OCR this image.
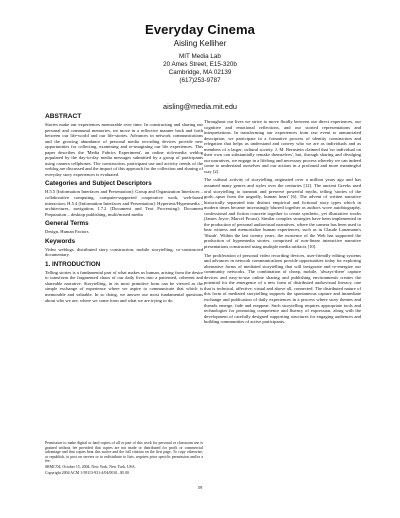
Everyday Cinema
Aisling Kelliher
MIT Media Lab
20 Ames Street, E15-320b
Cambridge, MA 02139
(617)253-9787
aisling@media.mit.edu
ABSTRACT

Stories make our experiences memorable over time. In constructing and sharing our personal and communal memories, we move in a reflective manner back and forth between our life-world and our life-stories. Advances in network communications and the growing abundance of personal media recording devices provide new opportunities for collecting, examining and re-imagining our life experiences. This paper describes the 'Media Fabrics Experiment', an online rich-media weblog populated by the day-to-day media messages submitted by a group of participants using camera cellphones. The construction, participant use and activity trends of the weblog are discussed and the impact of this approach for the collection and sharing of everyday story experiences is evaluated.

Categories and Subject Descriptors

H.5.5 [Information Interfaces and Presentation]: Group and Organization Interfaces – collaborative computing, computer-supported cooperative work, web-based interaction; H.5.4 [Information Interfaces and Presentation]: Hypertext/Hypermedia – architectures, navigation; I.7.2 [Document and Text Processing]: Document Preparation – desktop publishing, multi/mixed media

General Terms

Design, Human Factors

Keywords

Video weblogs, distributed story construction, mobile storytelling, co-constructed documentary.

1. INTRODUCTION

Telling stories is a fundamental part of what makes us human, arising from the desire to transform the fragmented chaos of our daily lives into a patterned, coherent and shareable narrative. Storytelling, in its most primitive form can be viewed as the simple exchange of experience where we aspire to communicate that which is memorable and valuable. In so doing, we answer our most fundamental questions about who we are, where we come from and what we are trying to do.

Permission to make digital or hard copies of all or part of this work for personal or classroom use is granted without fee provided that copies are not made or distributed for profit or commercial advantage and that copies bear this notice and the full citation on the first page. To copy otherwise, or republish, to post on servers or to redistribute to lists, requires prior specific permission and/or a fee.

SRMC'04, October 15, 2004, New York, New York, USA.

Copyright 2004 ACM 1-58113-931-4/04/0010...$5.00.

Throughout our lives we strive to move fluidly between our direct experiences, our cognitive and emotional reflections, and our storied representations and interpretations. In transforming our experiences from raw event to annunciated description, we participate in a formative process of identity construction and relegation that helps us understand and convey who we are as individuals and as members of a larger, cultural society. J. M. Bernstein claimed that 'no individual on their own can substantially remake themselves', but, through sharing and divulging our narratives, we engage in a lifelong and necessary process whereby we can indeed come to understand ourselves and our actions in a profound and more meaningful way [2].

The cultural activity of storytelling originated over a million years ago and has assumed many genres and styles over the centuries [12]. The ancient Greeks used oral storytelling to transmit and preserve powerful myths, telling 'stories of the gods...spun from the ungodly, human heart' [6]. The advent of written narrative historically separated into distinct empirical and fictional story types which in modern times became increasingly blurred together as authors wove autobiography, confessional and fiction concrete together to create synthetic, yet illustrative works (James Joyce, Marcel Proust). Similar complex strategies have been implemented in the production of personal audiovisual narratives, where the camera has been used to bear witness and memorialize human experiences, such as in Claude Lanzmann's 'Shoah'. Within the last twenty years, the existence of the Web has supported the production of hypermedia stories, comprised of non-linear interactive narrative presentations constructed using multiple media artifacts [10].

The proliferation of personal video recording devices, user-friendly editing systems and advances in network communications provide opportunities today for exploring alternative forms of mediated storytelling that will invigorate and re-energize our community networks. The combination of cheap, mobile, 'always-there' capture devices and easy-to-use online sharing and publishing environments creates the potential for the emergence of a new form of distributed audiovisual literacy, one that is technical, affective, visual and above all, connected. The distributed nature of this form of mediated storytelling supports the spontaneous capture and immediate exchange and publication of daily experiences in a process where story themes and threads emerge, fade and reappear. Such storytelling requires appropriate tools and technologies for promoting competence and fluency of expression, along with the development of carefully designed supporting structures for engaging audiences and building communities of active participants.

59
